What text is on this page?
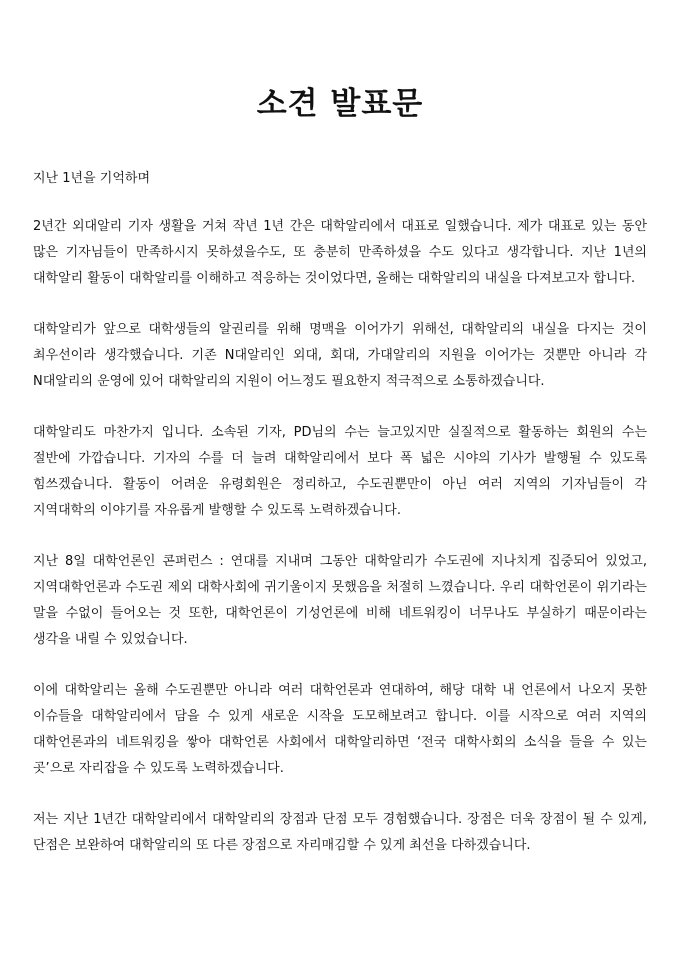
소견 발표문

지난 1년을 기억하며

2년간 외대알리 기자 생활을 거쳐 작년 1년 간은 대학알리에서 대표로 일했습니다. 제가 대표로 있는 동안 많은 기자님들이 만족하시지 못하셨을수도, 또 충분히 만족하셨을 수도 있다고 생각합니다. 지난 1년의 대학알리 활동이 대학알리를 이해하고 적응하는 것이었다면, 올해는 대학알리의 내실을 다져보고자 합니다.

대학알리가 앞으로 대학생들의 알권리를 위해 명맥을 이어가기 위해선, 대학알리의 내실을 다지는 것이 최우선이라 생각했습니다. 기존 N대알리인 외대, 회대, 가대알리의 지원을 이어가는 것뿐만 아니라 각 N대알리의 운영에 있어 대학알리의 지원이 어느정도 필요한지 적극적으로 소통하겠습니다.

대학알리도 마찬가지 입니다. 소속된 기자, PD님의 수는 늘고있지만 실질적으로 활동하는 회원의 수는 절반에 가깝습니다. 기자의 수를 더 늘려 대학알리에서 보다 폭 넓은 시야의 기사가 발행될 수 있도록 힘쓰겠습니다. 활동이 어려운 유령회원은 정리하고, 수도권뿐만이 아닌 여러 지역의 기자님들이 각 지역대학의 이야기를 자유롭게 발행할 수 있도록 노력하겠습니다.

지난 8일 대학언론인 콘퍼런스 : 연대를 지내며 그동안 대학알리가 수도권에 지나치게 집중되어 있었고, 지역대학언론과 수도권 제외 대학사회에 귀기울이지 못했음을 처절히 느꼈습니다. 우리 대학언론이 위기라는 말을 수없이 들어오는 것 또한, 대학언론이 기성언론에 비해 네트워킹이 너무나도 부실하기 때문이라는 생각을 내릴 수 있었습니다.

이에 대학알리는 올해 수도권뿐만 아니라 여러 대학언론과 연대하여, 해당 대학 내 언론에서 나오지 못한 이슈들을 대학알리에서 담을 수 있게 새로운 시작을 도모해보려고 합니다. 이를 시작으로 여러 지역의 대학언론과의 네트워킹을 쌓아 대학언론 사회에서 대학알리하면 ‘전국 대학사회의 소식을 들을 수 있는 곳’으로 자리잡을 수 있도록 노력하겠습니다.

저는 지난 1년간 대학알리에서 대학알리의 장점과 단점 모두 경험했습니다. 장점은 더욱 장점이 될 수 있게, 단점은 보완하여 대학알리의 또 다른 장점으로 자리매김할 수 있게 최선을 다하겠습니다.
